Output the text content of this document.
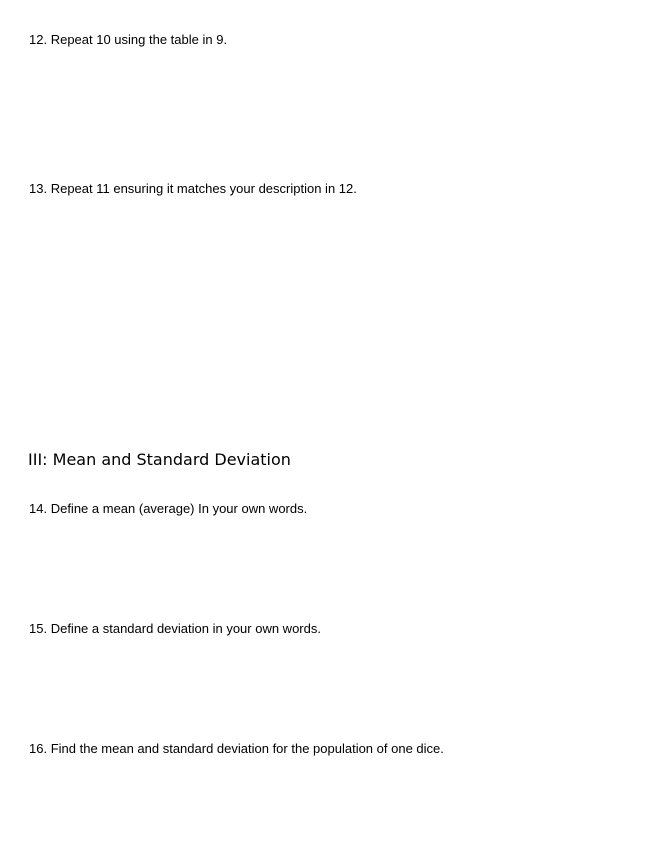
12. Repeat 10 using the table in 9.

13. Repeat 11 ensuring it matches your description in 12.

III: Mean and Standard Deviation

14. Define a mean (average) In your own words.

15. Define a standard deviation in your own words.

16. Find the mean and standard deviation for the population of one dice.
